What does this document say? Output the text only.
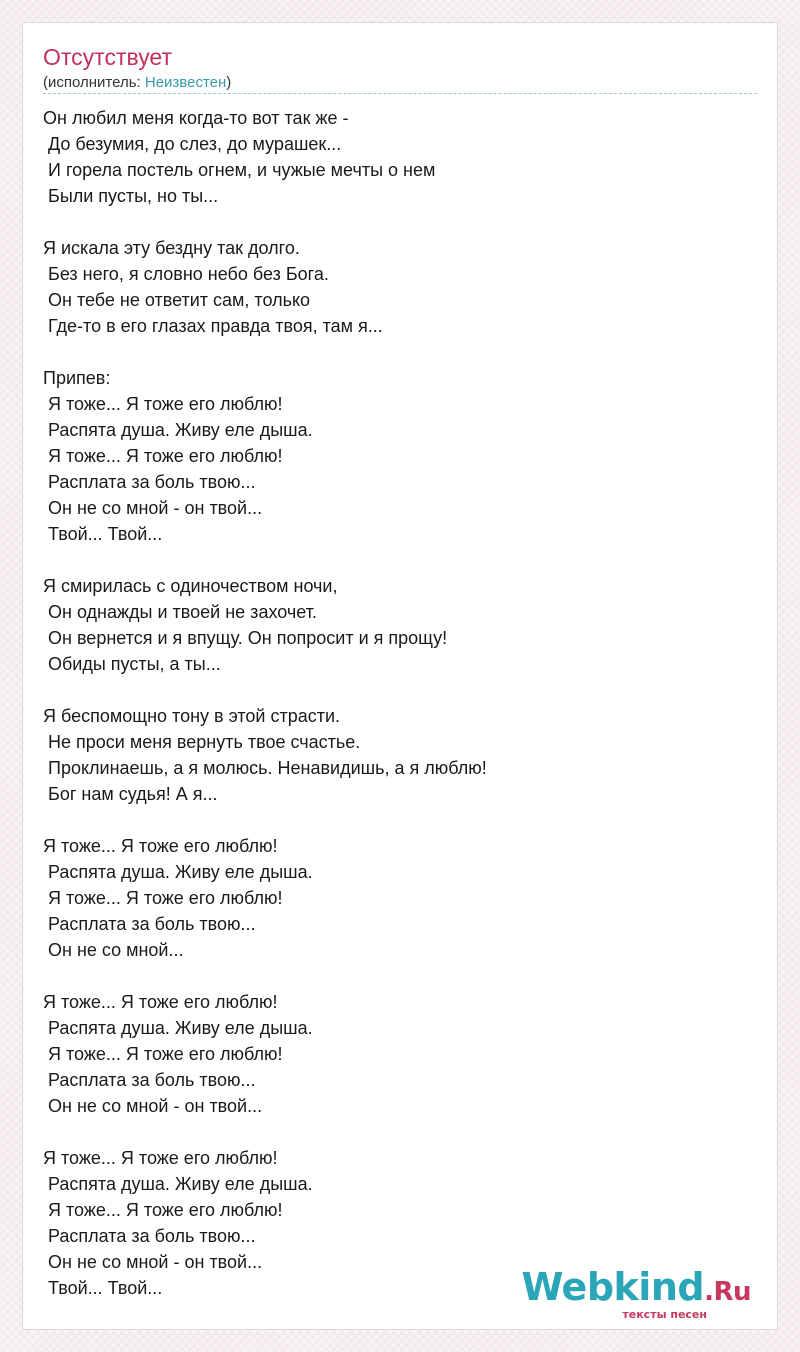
Отсутствует
(исполнитель: Неизвестен)
Он любил меня когда-то вот так же -
До безумия, до слез, до мурашек...
И горела постель огнем, и чужые мечты о нем
Были пусты, но ты...
Я искала эту бездну так долго.
Без него, я словно небо без Бога.
Он тебе не ответит сам, только
Где-то в его глазах правда твоя, там я...
Припев:
Я тоже... Я тоже его люблю!
Распята душа. Живу еле дыша.
Я тоже... Я тоже его люблю!
Расплата за боль твою...
Он не со мной - он твой...
Твой... Твой...
Я смирилась с одиночеством ночи,
Он однажды и твоей не захочет.
Он вернется и я впущу. Он попросит и я прощу!
Обиды пусты, а ты...
Я беспомощно тону в этой страсти.
Не проси меня вернуть твое счастье.
Проклинаешь, а я молюсь. Ненавидишь, а я люблю!
Бог нам судья! А я...
Я тоже... Я тоже его люблю!
Распята душа. Живу еле дыша.
Я тоже... Я тоже его люблю!
Расплата за боль твою...
Он не со мной...
Я тоже... Я тоже его люблю!
Распята душа. Живу еле дыша.
Я тоже... Я тоже его люблю!
Расплата за боль твою...
Он не со мной - он твой...
Я тоже... Я тоже его люблю!
Распята душа. Живу еле дыша.
Я тоже... Я тоже его люблю!
Расплата за боль твою...
Он не со мной - он твой...
Твой... Твой...	Webkind.Ru
тексты песен
